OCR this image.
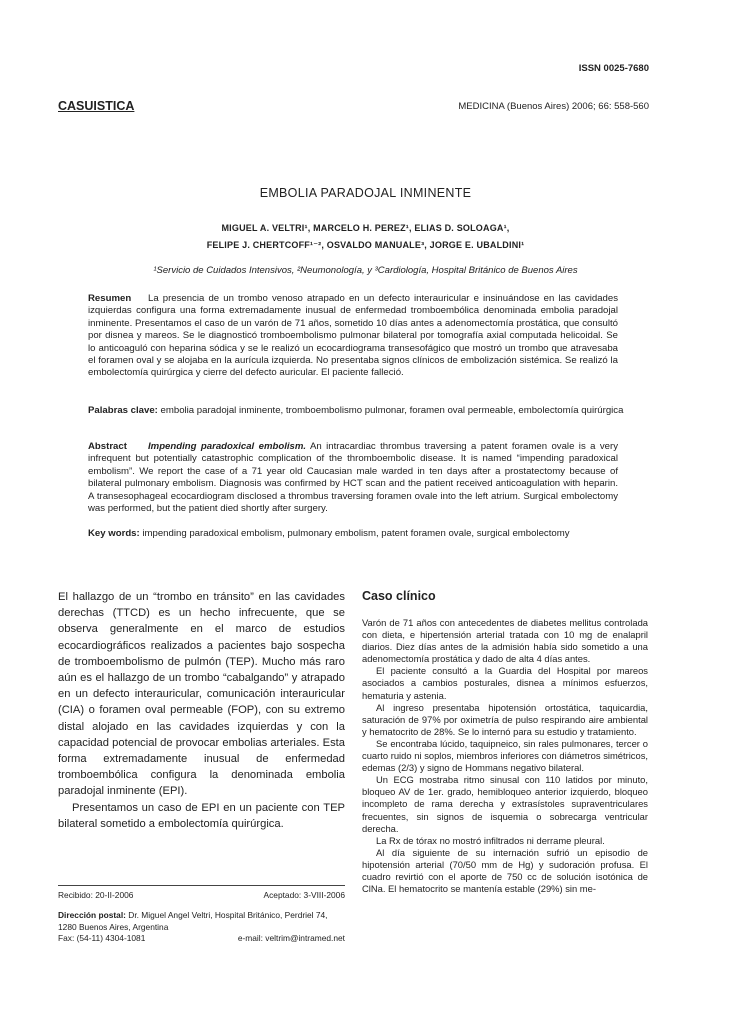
ISSN 0025-7680
CASUISTICA	MEDICINA (Buenos Aires) 2006; 66: 558-560
EMBOLIA PARADOJAL INMINENTE
MIGUEL A. VELTRI¹, MARCELO H. PEREZ¹, ELIAS D. SOLOAGA¹,
FELIPE J. CHERTCOFF¹⁻², OSVALDO MANUALE³, JORGE E. UBALDINI¹
¹Servicio de Cuidados Intensivos, ²Neumonología, y ³Cardiología, Hospital Británico de Buenos Aires
Resumen La presencia de un trombo venoso atrapado en un defecto interauricular e insinuándose en las cavidades izquierdas configura una forma extremadamente inusual de enfermedad tromboembólica denominada embolia paradojal inminente. Presentamos el caso de un varón de 71 años, sometido 10 días antes a adenomectomía prostática, que consultó por disnea y mareos. Se le diagnosticó tromboembolismo pulmonar bilateral por tomografía axial computada helicoidal. Se lo anticoaguló con heparina sódica y se le realizó un ecocardiograma transesofágico que mostró un trombo que atravesaba el foramen oval y se alojaba en la aurícula izquierda. No presentaba signos clínicos de embolización sistémica. Se realizó la embolectomía quirúrgica y cierre del defecto auricular. El paciente falleció.
Palabras clave: embolia paradojal inminente, tromboembolismo pulmonar, foramen oval permeable, embolectomía quirúrgica
Abstract Impending paradoxical embolism. An intracardiac thrombus traversing a patent foramen ovale is a very infrequent but potentially catastrophic complication of the thromboembolic disease. It is named “impending paradoxical embolism”. We report the case of a 71 year old Caucasian male warded in ten days after a prostatectomy because of bilateral pulmonary embolism. Diagnosis was confirmed by HCT scan and the patient received anticoagulation with heparin. A transesophageal ecocardiogram disclosed a thrombus traversing foramen ovale into the left atrium. Surgical embolectomy was performed, but the patient died shortly after surgery.
Key words: impending paradoxical embolism, pulmonary embolism, patent foramen ovale, surgical embolectomy

El hallazgo de un “trombo en tránsito” en las cavidades derechas (TTCD) es un hecho infrecuente, que se observa generalmente en el marco de estudios ecocardiográficos realizados a pacientes bajo sospecha de tromboembolismo de pulmón (TEP). Mucho más raro aún es el hallazgo de un trombo “cabalgando” y atrapado en un defecto interauricular, comunicación interauricular (CIA) o foramen oval permeable (FOP), con su extremo distal alojado en las cavidades izquierdas y con la capacidad potencial de provocar embolias arteriales. Esta forma extremadamente inusual de enfermedad tromboembólica configura la denominada embolia paradojal inminente (EPI).

Presentamos un caso de EPI en un paciente con TEP bilateral sometido a embolectomía quirúrgica.

Caso clínico

Varón de 71 años con antecedentes de diabetes mellitus controlada con dieta, e hipertensión arterial tratada con 10 mg de enalapril diarios. Diez días antes de la admisión había sido sometido a una adenomectomía prostática y dado de alta 4 días antes.

El paciente consultó a la Guardia del Hospital por mareos asociados a cambios posturales, disnea a mínimos esfuerzos, hematuria y astenia.

Al ingreso presentaba hipotensión ortostática, taquicardia, saturación de 97% por oximetría de pulso respirando aire ambiental y hematocrito de 28%. Se lo internó para su estudio y tratamiento.

Se encontraba lúcido, taquipneico, sin rales pulmonares, tercer o cuarto ruido ni soplos, miembros inferiores con diámetros simétricos, edemas (2/3) y signo de Hommans negativo bilateral.

Un ECG mostraba ritmo sinusal con 110 latidos por minuto, bloqueo AV de 1er. grado, hemibloqueo anterior izquierdo, bloqueo incompleto de rama derecha y extrasístoles supraventriculares frecuentes, sin signos de isquemia o sobrecarga ventricular derecha.

La Rx de tórax no mostró infiltrados ni derrame pleural.

Al día siguiente de su internación sufrió un episodio de hipotensión arterial (70/50 mm de Hg) y sudoración profusa. El cuadro revirtió con el aporte de 750 cc de solución isotónica de ClNa. El hematocrito se mantenía estable (29%) sin me-

Recibido: 20-II-2006	Aceptado: 3-VIII-2006
Dirección postal: Dr. Miguel Angel Veltri, Hospital Británico, Perdriel 74,
1280 Buenos Aires, Argentina
Fax: (54-11) 4304-1081	e-mail: veltrim@intramed.net
